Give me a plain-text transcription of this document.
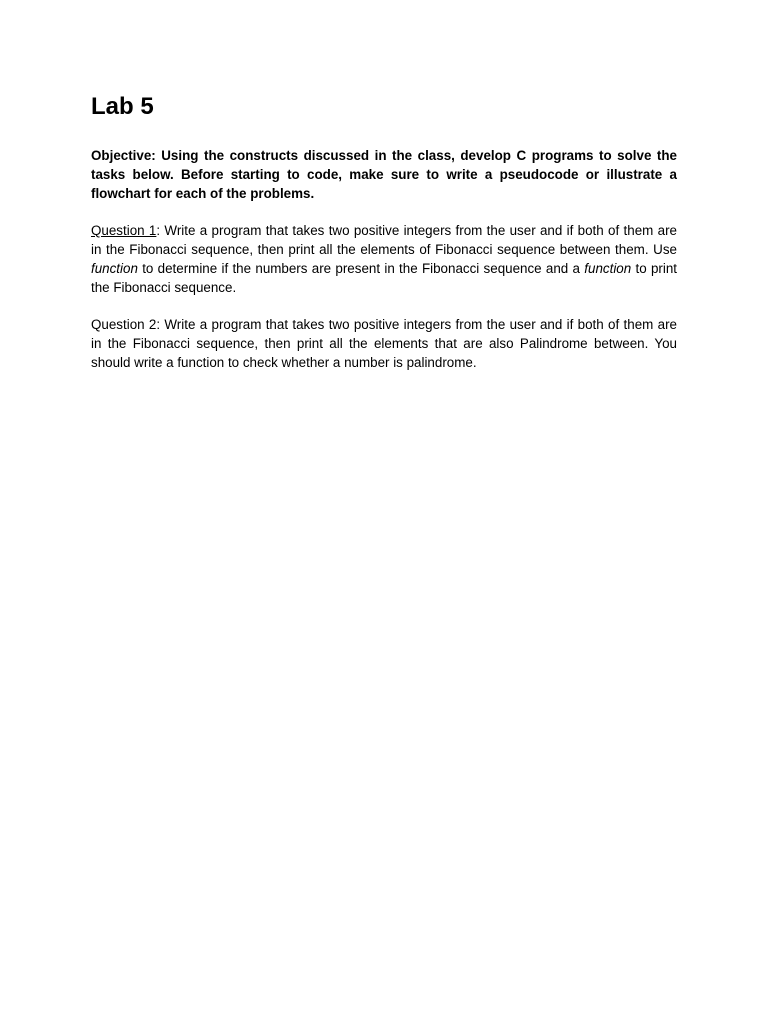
Lab 5

Objective: Using the constructs discussed in the class, develop C programs to solve the tasks below. Before starting to code, make sure to write a pseudocode or illustrate a flowchart for each of the problems.

Question 1: Write a program that takes two positive integers from the user and if both of them are in the Fibonacci sequence, then print all the elements of Fibonacci sequence between them. Use function to determine if the numbers are present in the Fibonacci sequence and a function to print the Fibonacci sequence.

Question 2: Write a program that takes two positive integers from the user and if both of them are in the Fibonacci sequence, then print all the elements that are also Palindrome between. You should write a function to check whether a number is palindrome.
